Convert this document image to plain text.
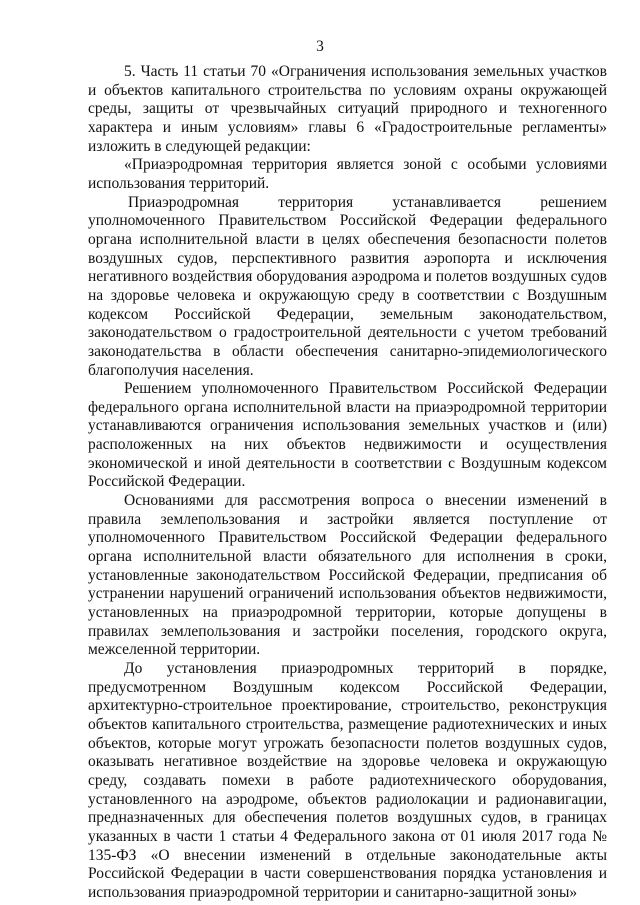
3

5. Часть 11 статьи 70 «Ограничения использования земельных участков и объектов капитального строительства по условиям охраны окружающей среды, защиты от чрезвычайных ситуаций природного и техногенного характера и иным условиям» главы 6 «Градостроительные регламенты» изложить в следующей редакции:

«Приаэродромная территория является зоной с особыми условиями использования территорий.

Приаэродромная территория устанавливается решением уполномоченного Правительством Российской Федерации федерального органа исполнительной власти в целях обеспечения безопасности полетов воздушных судов, перспективного развития аэропорта и исключения негативного воздействия оборудования аэродрома и полетов воздушных судов на здоровье человека и окружающую среду в соответствии с Воздушным кодексом Российской Федерации, земельным законодательством, законодательством о градостроительной деятельности с учетом требований законодательства в области обеспечения санитарно-эпидемиологического благополучия населения.

Решением уполномоченного Правительством Российской Федерации федерального органа исполнительной власти на приаэродромной территории устанавливаются ограничения использования земельных участков и (или) расположенных на них объектов недвижимости и осуществления экономической и иной деятельности в соответствии с Воздушным кодексом Российской Федерации.

Основаниями для рассмотрения вопроса о внесении изменений в правила землепользования и застройки является поступление от уполномоченного Правительством Российской Федерации федерального органа исполнительной власти обязательного для исполнения в сроки, установленные законодательством Российской Федерации, предписания об устранении нарушений ограничений использования объектов недвижимости, установленных на приаэродромной территории, которые допущены в правилах землепользования и застройки поселения, городского округа, межселенной территории.

До установления приаэродромных территорий в порядке, предусмотренном Воздушным кодексом Российской Федерации, архитектурно-строительное проектирование, строительство, реконструкция объектов капитального строительства, размещение радиотехнических и иных объектов, которые могут угрожать безопасности полетов воздушных судов, оказывать негативное воздействие на здоровье человека и окружающую среду, создавать помехи в работе радиотехнического оборудования, установленного на аэродроме, объектов радиолокации и радионавигации, предназначенных для обеспечения полетов воздушных судов, в границах указанных в части 1 статьи 4 Федерального закона от 01 июля 2017 года № 135-ФЗ «О внесении изменений в отдельные законодательные акты Российской Федерации в части совершенствования порядка установления и использования приаэродромной территории и санитарно-защитной зоны»
